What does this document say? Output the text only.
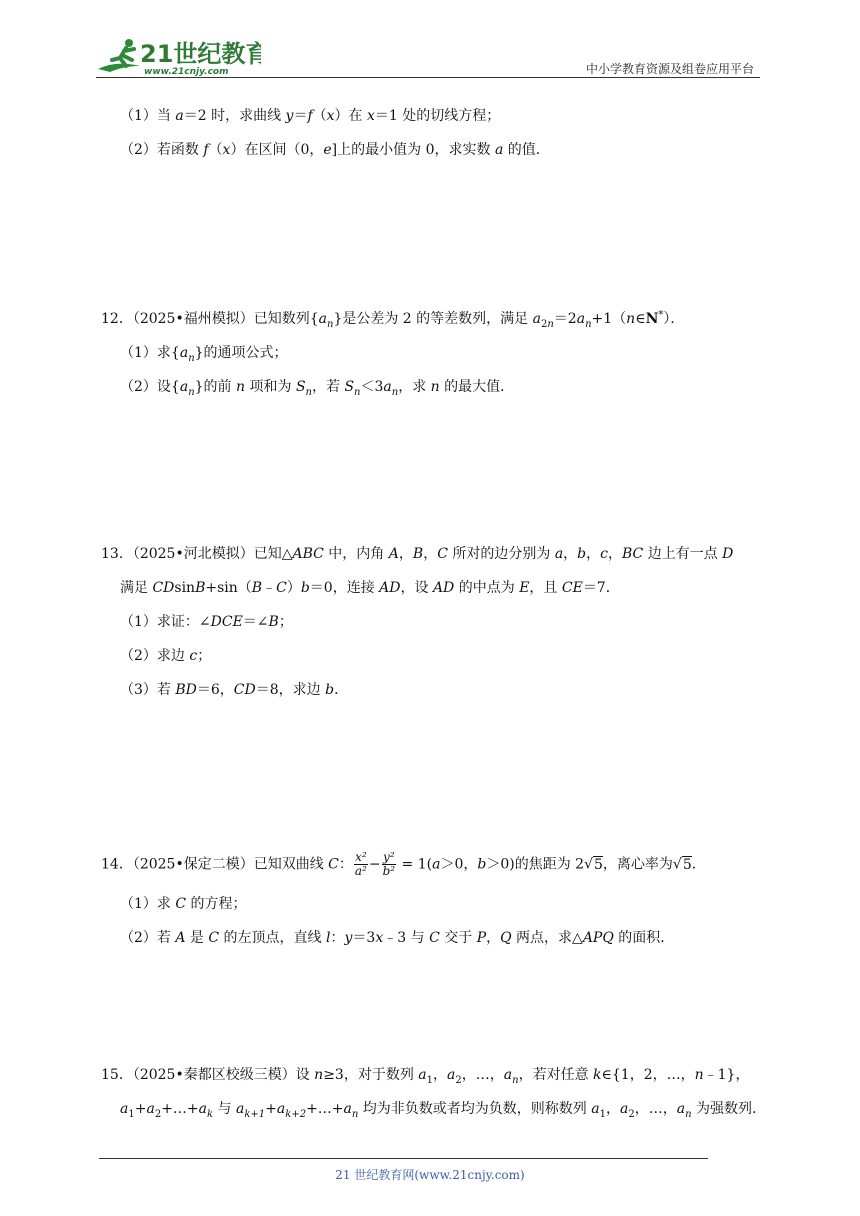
21世纪教育
www.21cnjy.com	中小学教育资源及组卷应用平台
（1）当 a＝2 时，求曲线 y＝f（x）在 x＝1 处的切线方程；
（2）若函数 f（x）在区间（0，e]上的最小值为 0，求实数 a 的值．
12．（2025•福州模拟）已知数列$\{a_n\}$是公差为 2 的等差数列，满足 $a_{2n}=2a_n+1(n\in N^*)$．
（1）求$\{a_n\}$的通项公式；
（2）设$\{a_n\}$的前 n 项和为 $S_n$，若 $S_n<3a_n$，求 n 的最大值．
13．（2025•河北模拟）已知△ABC 中，内角 A，B，C 所对的边分别为 a，b，c，BC 边上有一点 D
满足 CDsinB+sin（B﹣C）b＝0，连接 AD，设 AD 的中点为 E，且 CE＝7．
（1）求证：∠DCE＝∠B；
（2）求边 c；
（3）若 BD＝6，CD＝8，求边 b．
14．（2025•保定二模）已知双曲线 C： $\frac{\text{x²}}{\text{a²}} - \frac{\text{y²}}{\text{b²}} = 1(a>0$，b＞0)的焦距为 2√5，离心率为√5．
（1）求 C 的方程；
（2）若 A 是 C 的左顶点，直线 l：y＝3x﹣3 与 C 交于 P，Q 两点，求△APQ 的面积．
15．（2025•秦都区校级三模）设 n≥3，对于数列 $a_1$，$a_2$，…，$a_n$，若对任意 k∈{1，2，…，n﹣1}，
$a_1+a_2+\dots+a_k$ 与 $a_{k+1}+a_{k+2}+\dots+a_n$ 均为非负数或者均为负数，则称数列 $a_1$，$a_2$，…，$a_n$ 为强数列．
21 世纪教育网(www.21cnjy.com)
